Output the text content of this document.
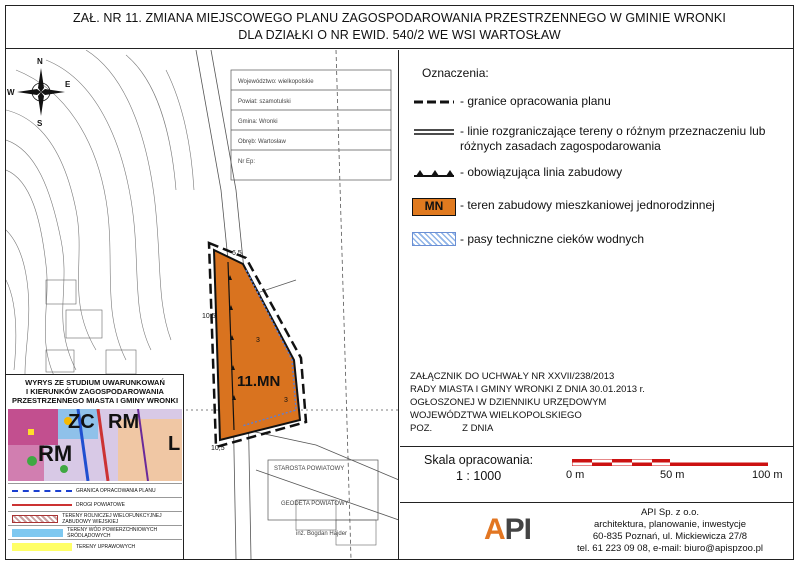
ZAŁ. NR 11. ZMIANA MIEJSCOWEGO PLANU ZAGOSPODAROWANIA PRZESTRZENNEGO W GMINIE WRONKI
DLA DZIAŁKI O NR EWID. 540/2 WE WSI WARTOSŁAW
Województwo: wielkopolskie
Powiat: szamotulski
Gmina: Wronki
Obręb: Wartosław
Nr Ep:
STAROSTA POWIATOWY
GEODETA POWIATOWY
inż. Bogdan Hajder
10,5
6,5
10,5
3
3
N
S
W
E
11.MN
WYRYS ZE STUDIUM UWARUNKOWAŃ
I KIERUNKÓW ZAGOSPODAROWANIA
PRZESTRZENNEGO MIASTA I GMINY WRONKI
ZC RM
RM	L
GRANICA OPRACOWANIA PLANU
DROGI POWIATOWE
TERENY ROLNICZEJ WIELOFUNKCYJNEJ ZABUDOWY WIEJSKIEJ
TERENY WÓD POWIERZCHNIOWYCH ŚRÓDLĄDOWYCH
TERENY UPRAWOWYCH
Oznaczenia:
- granice opracowania planu
- linie rozgraniczające tereny o różnym przeznaczeniu lub różnych zasadach zagospodarowania
- obowiązująca linia zabudowy
MN	- teren zabudowy mieszkaniowej jednorodzinnej
- pasy techniczne cieków wodnych
ZAŁĄCZNIK DO UCHWAŁY NR XXVII/238/2013
RADY MIASTA I GMINY WRONKI Z DNIA 30.01.2013 r.
OGŁOSZONEJ W DZIENNIKU URZĘDOWYM
WOJEWÓDZTWA WIELKOPOLSKIEGO
POZ.	Z DNIA
Skala opracowania:
1 : 1000	0 m	50 m	100 m
API
API Sp. z o.o.
architektura, planowanie, inwestycje
60-835 Poznań, ul. Mickiewicza 27/8
tel. 61 223 09 08, e-mail: biuro@apispzoo.pl
